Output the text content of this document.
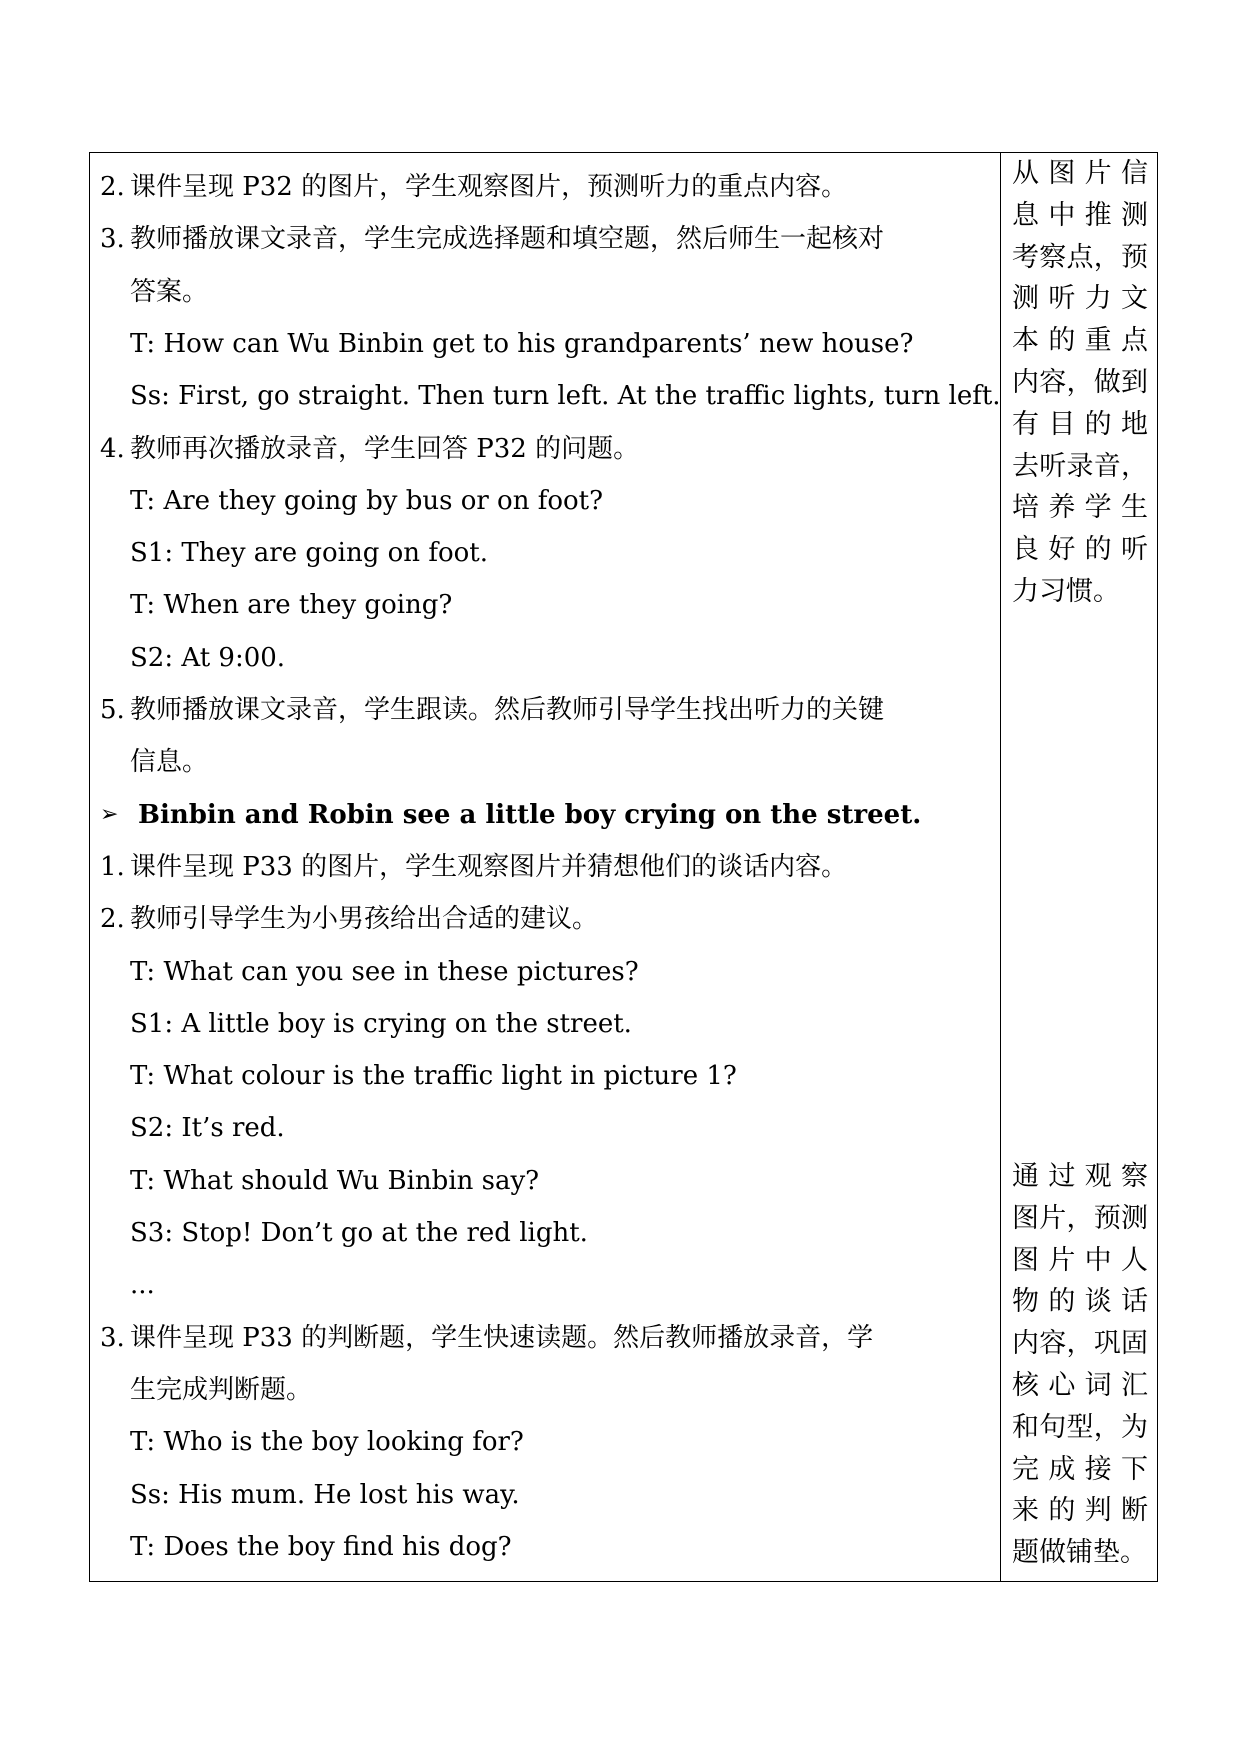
2. 课件呈现 P32 的图片，学生观察图片，预测听力的重点内容。
3. 教师播放课文录音，学生完成选择题和填空题，然后师生一起核对
答案。
T: How can Wu Binbin get to his grandparents’ new house?
Ss: First, go straight. Then turn left. At the traffic lights, turn left.
4. 教师再次播放录音，学生回答 P32 的问题。
T: Are they going by bus or on foot?
S1: They are going on foot.
T: When are they going?
S2: At 9:00.
5. 教师播放课文录音，学生跟读。然后教师引导学生找出听力的关键
信息。
➢ Binbin and Robin see a little boy crying on the street.
1. 课件呈现 P33 的图片，学生观察图片并猜想他们的谈话内容。
2. 教师引导学生为小男孩给出合适的建议。
T: What can you see in these pictures?
S1: A little boy is crying on the street.
T: What colour is the traffic light in picture 1?
S2: It’s red.
T: What should Wu Binbin say?
S3: Stop! Don’t go at the red light.
...
3. 课件呈现 P33 的判断题，学生快速读题。然后教师播放录音，学
生完成判断题。
T: Who is the boy looking for?
Ss: His mum. He lost his way.
T: Does the boy find his dog?
从图片信
息中推测
考察点，预
测听力文
本的重点
内容，做到
有目的地
去听录音，
培养学生
良好的听
力习惯。
通过观察
图片，预测
图片中人
物的谈话
内容，巩固
核心词汇
和句型，为
完成接下
来的判断
题做铺垫。
